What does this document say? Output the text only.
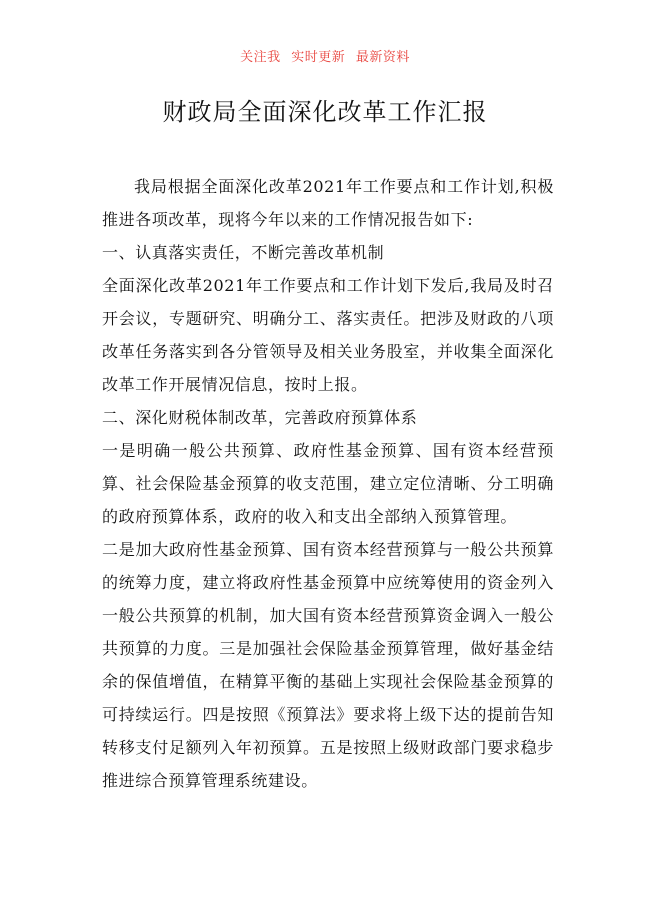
关注我 实时更新 最新资料
财政局全面深化改革工作汇报

我局根据全面深化改革2021年工作要点和工作计划,积极推进各项改革，现将今年以来的工作情况报告如下:

一、认真落实责任，不断完善改革机制

全面深化改革2021年工作要点和工作计划下发后,我局及时召开会议，专题研究、明确分工、落实责任。把涉及财政的八项改革任务落实到各分管领导及相关业务股室，并收集全面深化改革工作开展情况信息，按时上报。

二、深化财税体制改革，完善政府预算体系

一是明确一般公共预算、政府性基金预算、国有资本经营预算、社会保险基金预算的收支范围，建立定位清晰、分工明确的政府预算体系，政府的收入和支出全部纳入预算管理。

二是加大政府性基金预算、国有资本经营预算与一般公共预算的统筹力度，建立将政府性基金预算中应统筹使用的资金列入一般公共预算的机制，加大国有资本经营预算资金调入一般公共预算的力度。三是加强社会保险基金预算管理，做好基金结余的保值增值，在精算平衡的基础上实现社会保险基金预算的可持续运行。四是按照《预算法》要求将上级下达的提前告知转移支付足额列入年初预算。五是按照上级财政部门要求稳步推进综合预算管理系统建设。
